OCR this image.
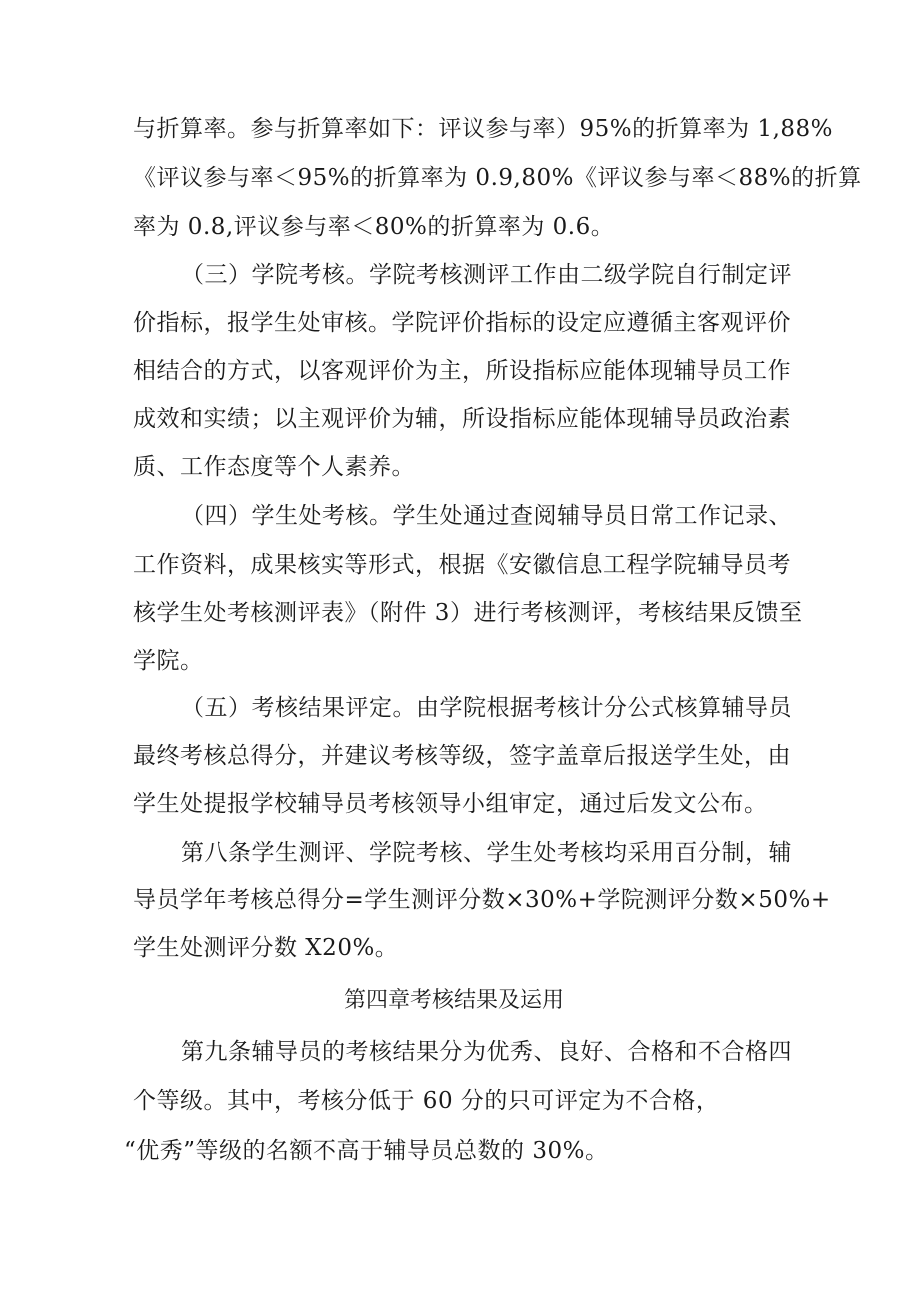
与折算率。参与折算率如下：评议参与率）95%的折算率为 1,88%
《评议参与率＜95%的折算率为 0.9,80%《评议参与率＜88%的折算
率为 0.8,评议参与率＜80%的折算率为 0.6。
（三）学院考核。学院考核测评工作由二级学院自行制定评
价指标，报学生处审核。学院评价指标的设定应遵循主客观评价
相结合的方式，以客观评价为主，所设指标应能体现辅导员工作
成效和实绩；以主观评价为辅，所设指标应能体现辅导员政治素
质、工作态度等个人素养。
（四）学生处考核。学生处通过查阅辅导员日常工作记录、
工作资料，成果核实等形式，根据《安徽信息工程学院辅导员考
核学生处考核测评表》（附件 3）进行考核测评，考核结果反馈至
学院。
（五）考核结果评定。由学院根据考核计分公式核算辅导员
最终考核总得分，并建议考核等级，签字盖章后报送学生处，由
学生处提报学校辅导员考核领导小组审定，通过后发文公布。
第八条学生测评、学院考核、学生处考核均采用百分制，辅
导员学年考核总得分=学生测评分数×30%+学院测评分数×50%+
学生处测评分数 X20%。
第四章考核结果及运用
第九条辅导员的考核结果分为优秀、良好、合格和不合格四
个等级。其中，考核分低于 60 分的只可评定为不合格，
“优秀”等级的名额不高于辅导员总数的 30%。
